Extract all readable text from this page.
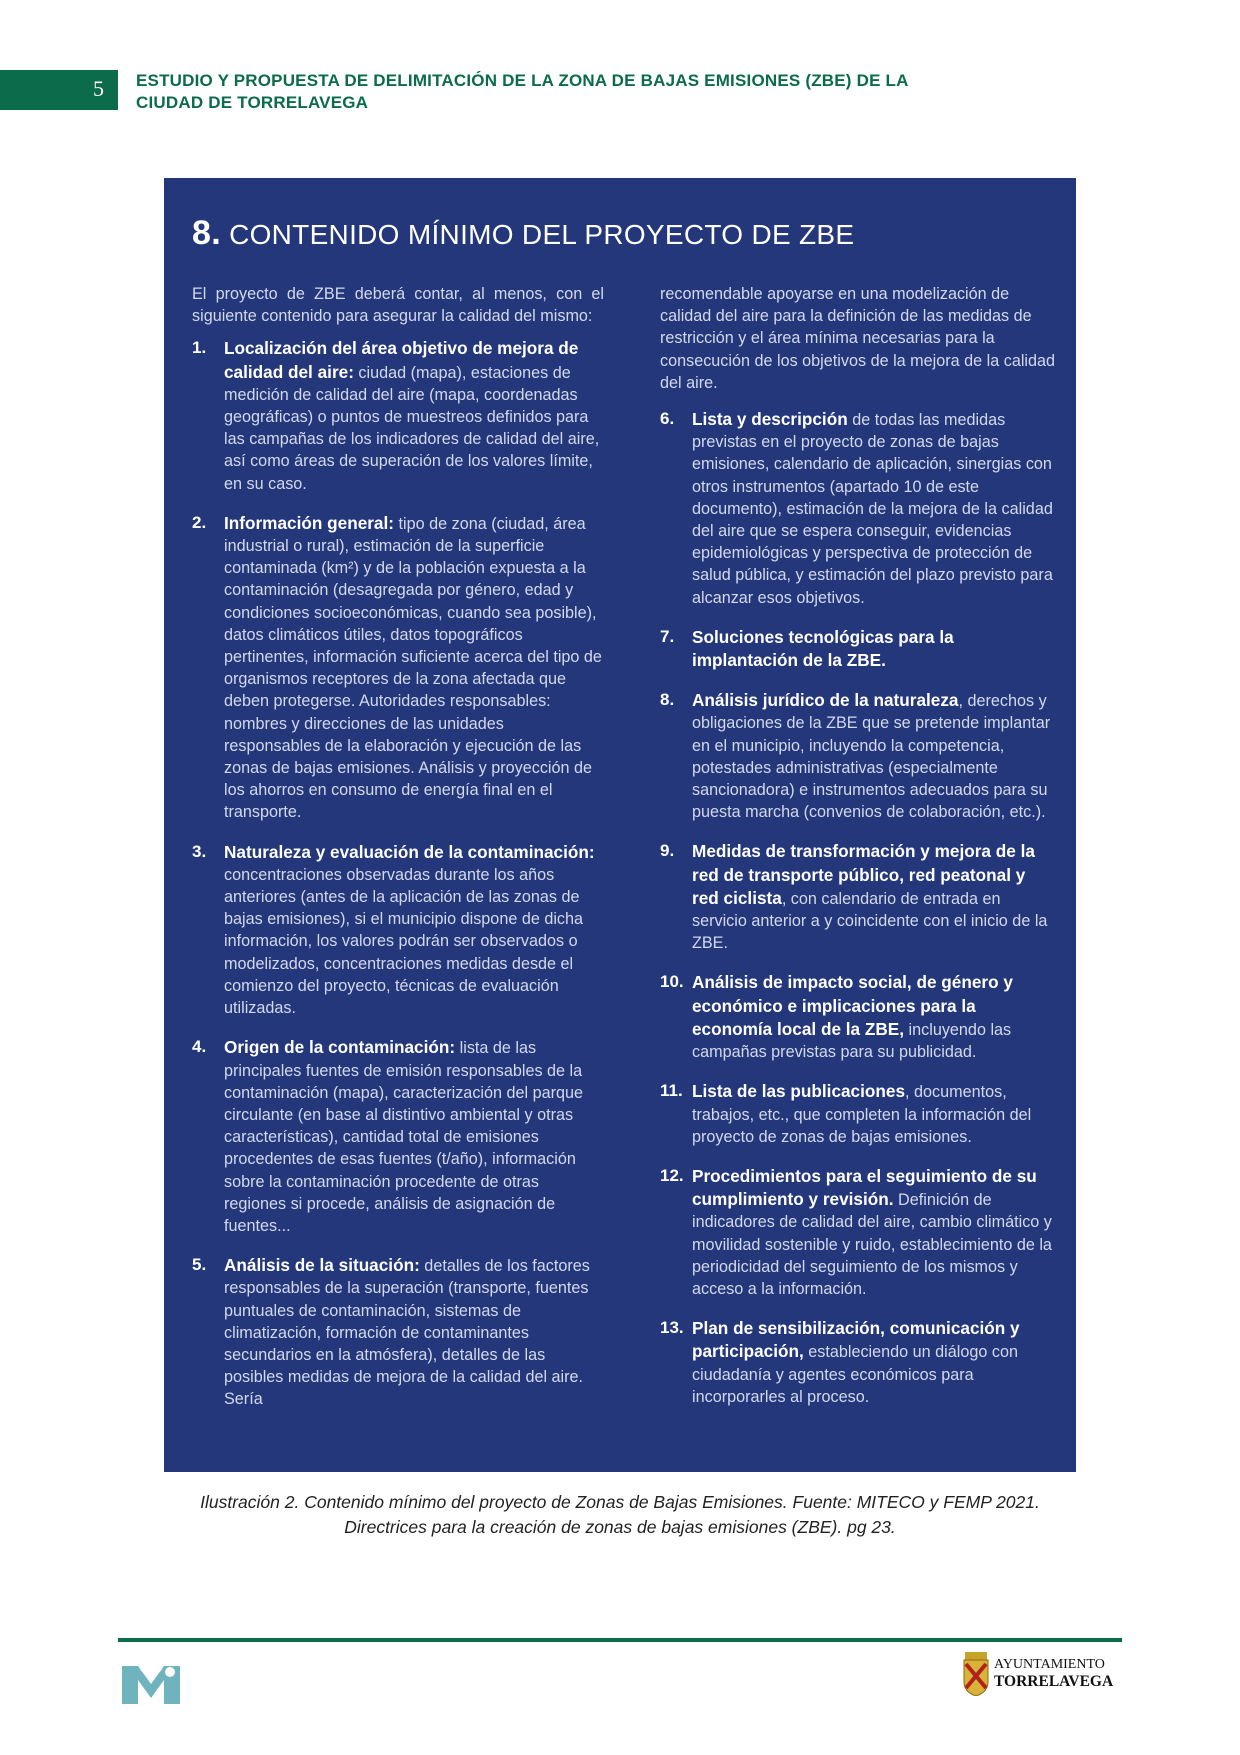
5 ESTUDIO Y PROPUESTA DE DELIMITACIÓN DE LA ZONA DE BAJAS EMISIONES (ZBE) DE LA
CIUDAD DE TORRELAVEGA
8. CONTENIDO MÍNIMO DEL PROYECTO DE ZBE
El proyecto de ZBE deberá contar, al menos, con el siguiente contenido para asegurar la calidad del mismo:
1. Localización del área objetivo de mejora de calidad del aire: ciudad (mapa), estaciones de medición de calidad del aire (mapa, coordenadas geográficas) o puntos de muestreos definidos para las campañas de los indicadores de calidad del aire, así como áreas de superación de los valores límite, en su caso.
2. Información general: tipo de zona (ciudad, área industrial o rural), estimación de la superficie contaminada (km²) y de la población expuesta a la contaminación (desagregada por género, edad y condiciones socioeconómicas, cuando sea posible), datos climáticos útiles, datos topográficos pertinentes, información suficiente acerca del tipo de organismos receptores de la zona afectada que deben protegerse. Autoridades responsables: nombres y direcciones de las unidades responsables de la elaboración y ejecución de las zonas de bajas emisiones. Análisis y proyección de los ahorros en consumo de energía final en el transporte.
3. Naturaleza y evaluación de la contaminación: concentraciones observadas durante los años anteriores (antes de la aplicación de las zonas de bajas emisiones), si el municipio dispone de dicha información, los valores podrán ser observados o modelizados, concentraciones medidas desde el comienzo del proyecto, técnicas de evaluación utilizadas.
4. Origen de la contaminación: lista de las principales fuentes de emisión responsables de la contaminación (mapa), caracterización del parque circulante (en base al distintivo ambiental y otras características), cantidad total de emisiones procedentes de esas fuentes (t/año), información sobre la contaminación procedente de otras regiones si procede, análisis de asignación de fuentes...
5. Análisis de la situación: detalles de los factores responsables de la superación (transporte, fuentes puntuales de contaminación, sistemas de climatización, formación de contaminantes secundarios en la atmósfera), detalles de las posibles medidas de mejora de la calidad del aire. Sería
recomendable apoyarse en una modelización de calidad del aire para la definición de las medidas de restricción y el área mínima necesarias para la consecución de los objetivos de la mejora de la calidad del aire.
6. Lista y descripción de todas las medidas previstas en el proyecto de zonas de bajas emisiones, calendario de aplicación, sinergias con otros instrumentos (apartado 10 de este documento), estimación de la mejora de la calidad del aire que se espera conseguir, evidencias epidemiológicas y perspectiva de protección de salud pública, y estimación del plazo previsto para alcanzar esos objetivos.
7. Soluciones tecnológicas para la implantación de la ZBE.
8. Análisis jurídico de la naturaleza, derechos y obligaciones de la ZBE que se pretende implantar en el municipio, incluyendo la competencia, potestades administrativas (especialmente sancionadora) e instrumentos adecuados para su puesta marcha (convenios de colaboración, etc.).
9. Medidas de transformación y mejora de la red de transporte público, red peatonal y red ciclista, con calendario de entrada en servicio anterior a y coincidente con el inicio de la ZBE.
10. Análisis de impacto social, de género y económico e implicaciones para la economía local de la ZBE, incluyendo las campañas previstas para su publicidad.
11. Lista de las publicaciones, documentos, trabajos, etc., que completen la información del proyecto de zonas de bajas emisiones.
12. Procedimientos para el seguimiento de su cumplimiento y revisión. Definición de indicadores de calidad del aire, cambio climático y movilidad sostenible y ruido, establecimiento de la periodicidad del seguimiento de los mismos y acceso a la información.
13. Plan de sensibilización, comunicación y participación, estableciendo un diálogo con ciudadanía y agentes económicos para incorporarles al proceso.
Ilustración 2. Contenido mínimo del proyecto de Zonas de Bajas Emisiones. Fuente: MITECO y FEMP 2021.
Directrices para la creación de zonas de bajas emisiones (ZBE). pg 23.
AYUNTAMIENTO
TORRELAVEGA
